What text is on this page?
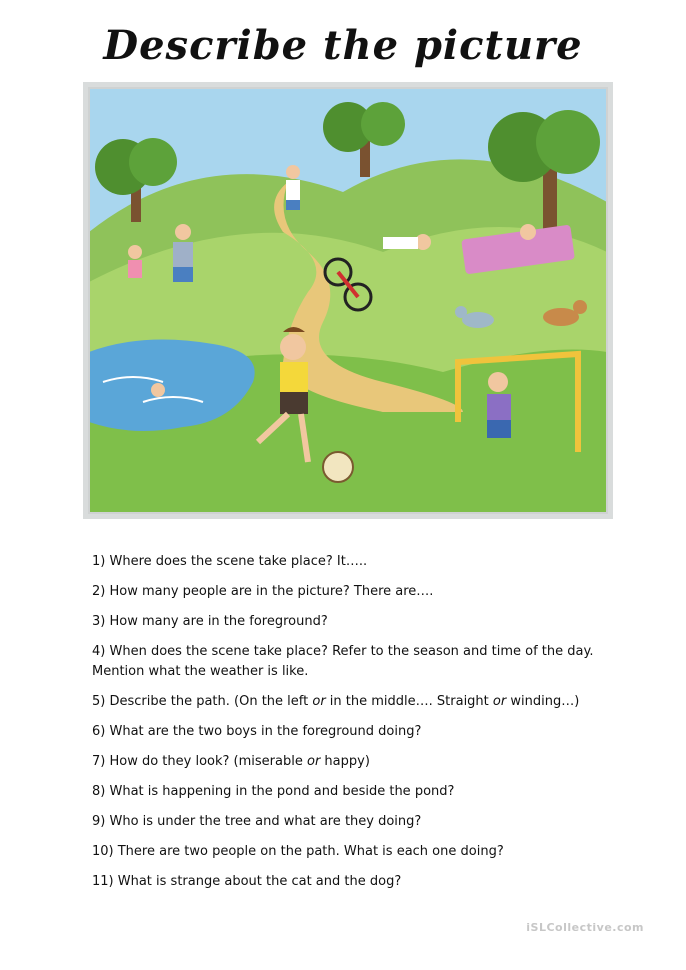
Describe the picture
1) Where does the scene take place? It…..
2) How many people are in the picture? There are….
3) How many are in the foreground?
4) When does the scene take place? Refer to the season and time of the day. Mention what the weather is like.
5) Describe the path. (On the left or in the middle…. Straight or winding…)
6) What are the two boys in the foreground doing?
7) How do they look? (miserable or happy)
8) What is happening in the pond and beside the pond?
9) Who is under the tree and what are they doing?
10) There are two people on the path. What is each one doing?
11) What is strange about the cat and the dog?
iSLCollective.com
